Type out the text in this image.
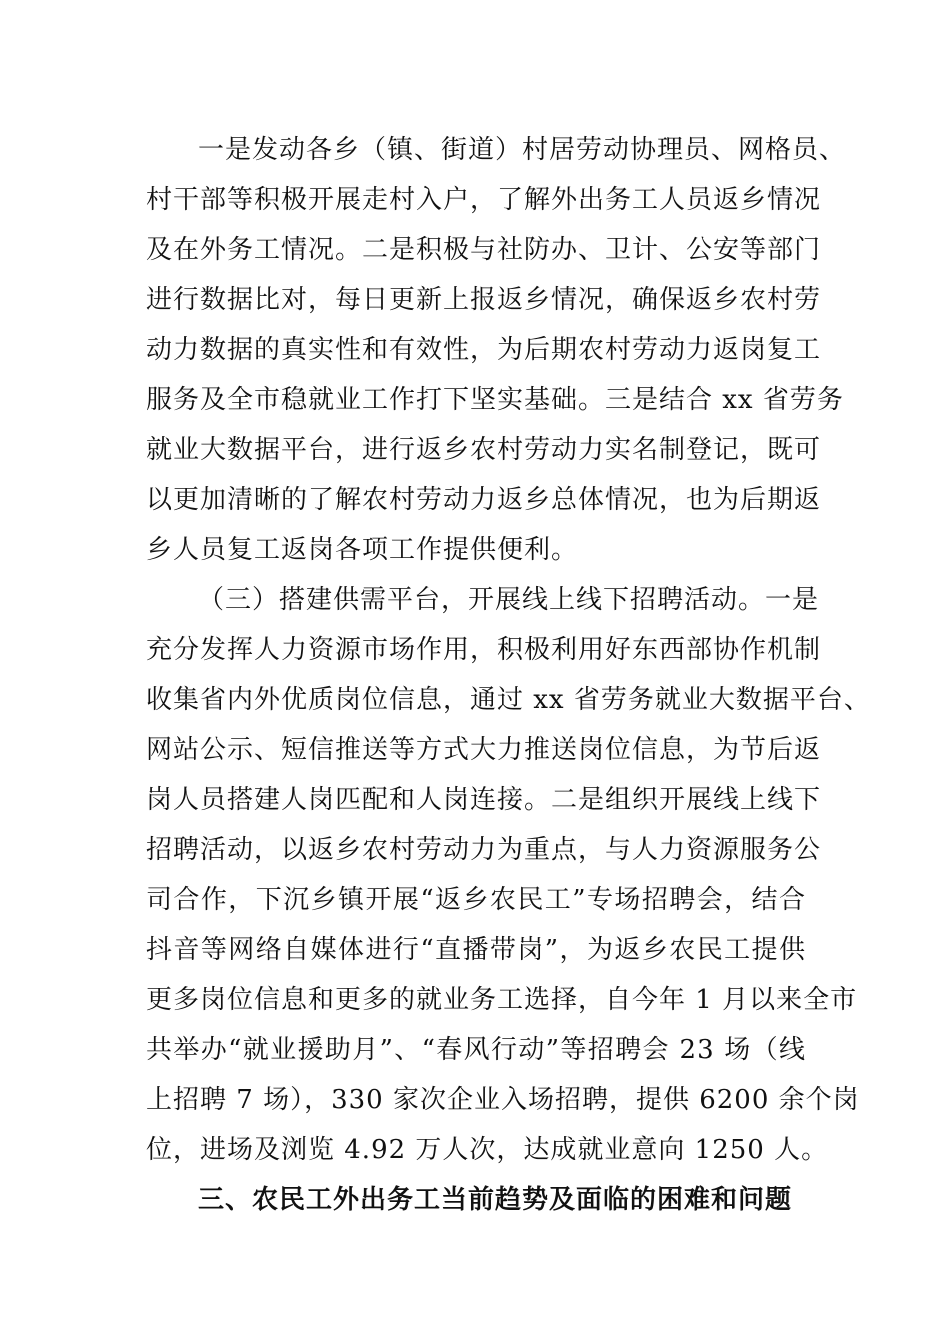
一是发动各乡（镇、街道）村居劳动协理员、网格员、
村干部等积极开展走村入户，了解外出务工人员返乡情况
及在外务工情况。二是积极与社防办、卫计、公安等部门
进行数据比对，每日更新上报返乡情况，确保返乡农村劳
动力数据的真实性和有效性，为后期农村劳动力返岗复工
服务及全市稳就业工作打下坚实基础。三是结合 xx 省劳务
就业大数据平台，进行返乡农村劳动力实名制登记，既可
以更加清晰的了解农村劳动力返乡总体情况，也为后期返
乡人员复工返岗各项工作提供便利。
（三）搭建供需平台，开展线上线下招聘活动。一是
充分发挥人力资源市场作用，积极利用好东西部协作机制
收集省内外优质岗位信息，通过 xx 省劳务就业大数据平台、
网站公示、短信推送等方式大力推送岗位信息，为节后返
岗人员搭建人岗匹配和人岗连接。二是组织开展线上线下
招聘活动，以返乡农村劳动力为重点，与人力资源服务公
司合作，下沉乡镇开展“返乡农民工”专场招聘会，结合
抖音等网络自媒体进行“直播带岗”，为返乡农民工提供
更多岗位信息和更多的就业务工选择，自今年 1 月以来全市
共举办“就业援助月”、“春风行动”等招聘会 23 场（线
上招聘 7 场），330 家次企业入场招聘，提供 6200 余个岗
位，进场及浏览 4.92 万人次，达成就业意向 1250 人。
三、农民工外出务工当前趋势及面临的困难和问题
